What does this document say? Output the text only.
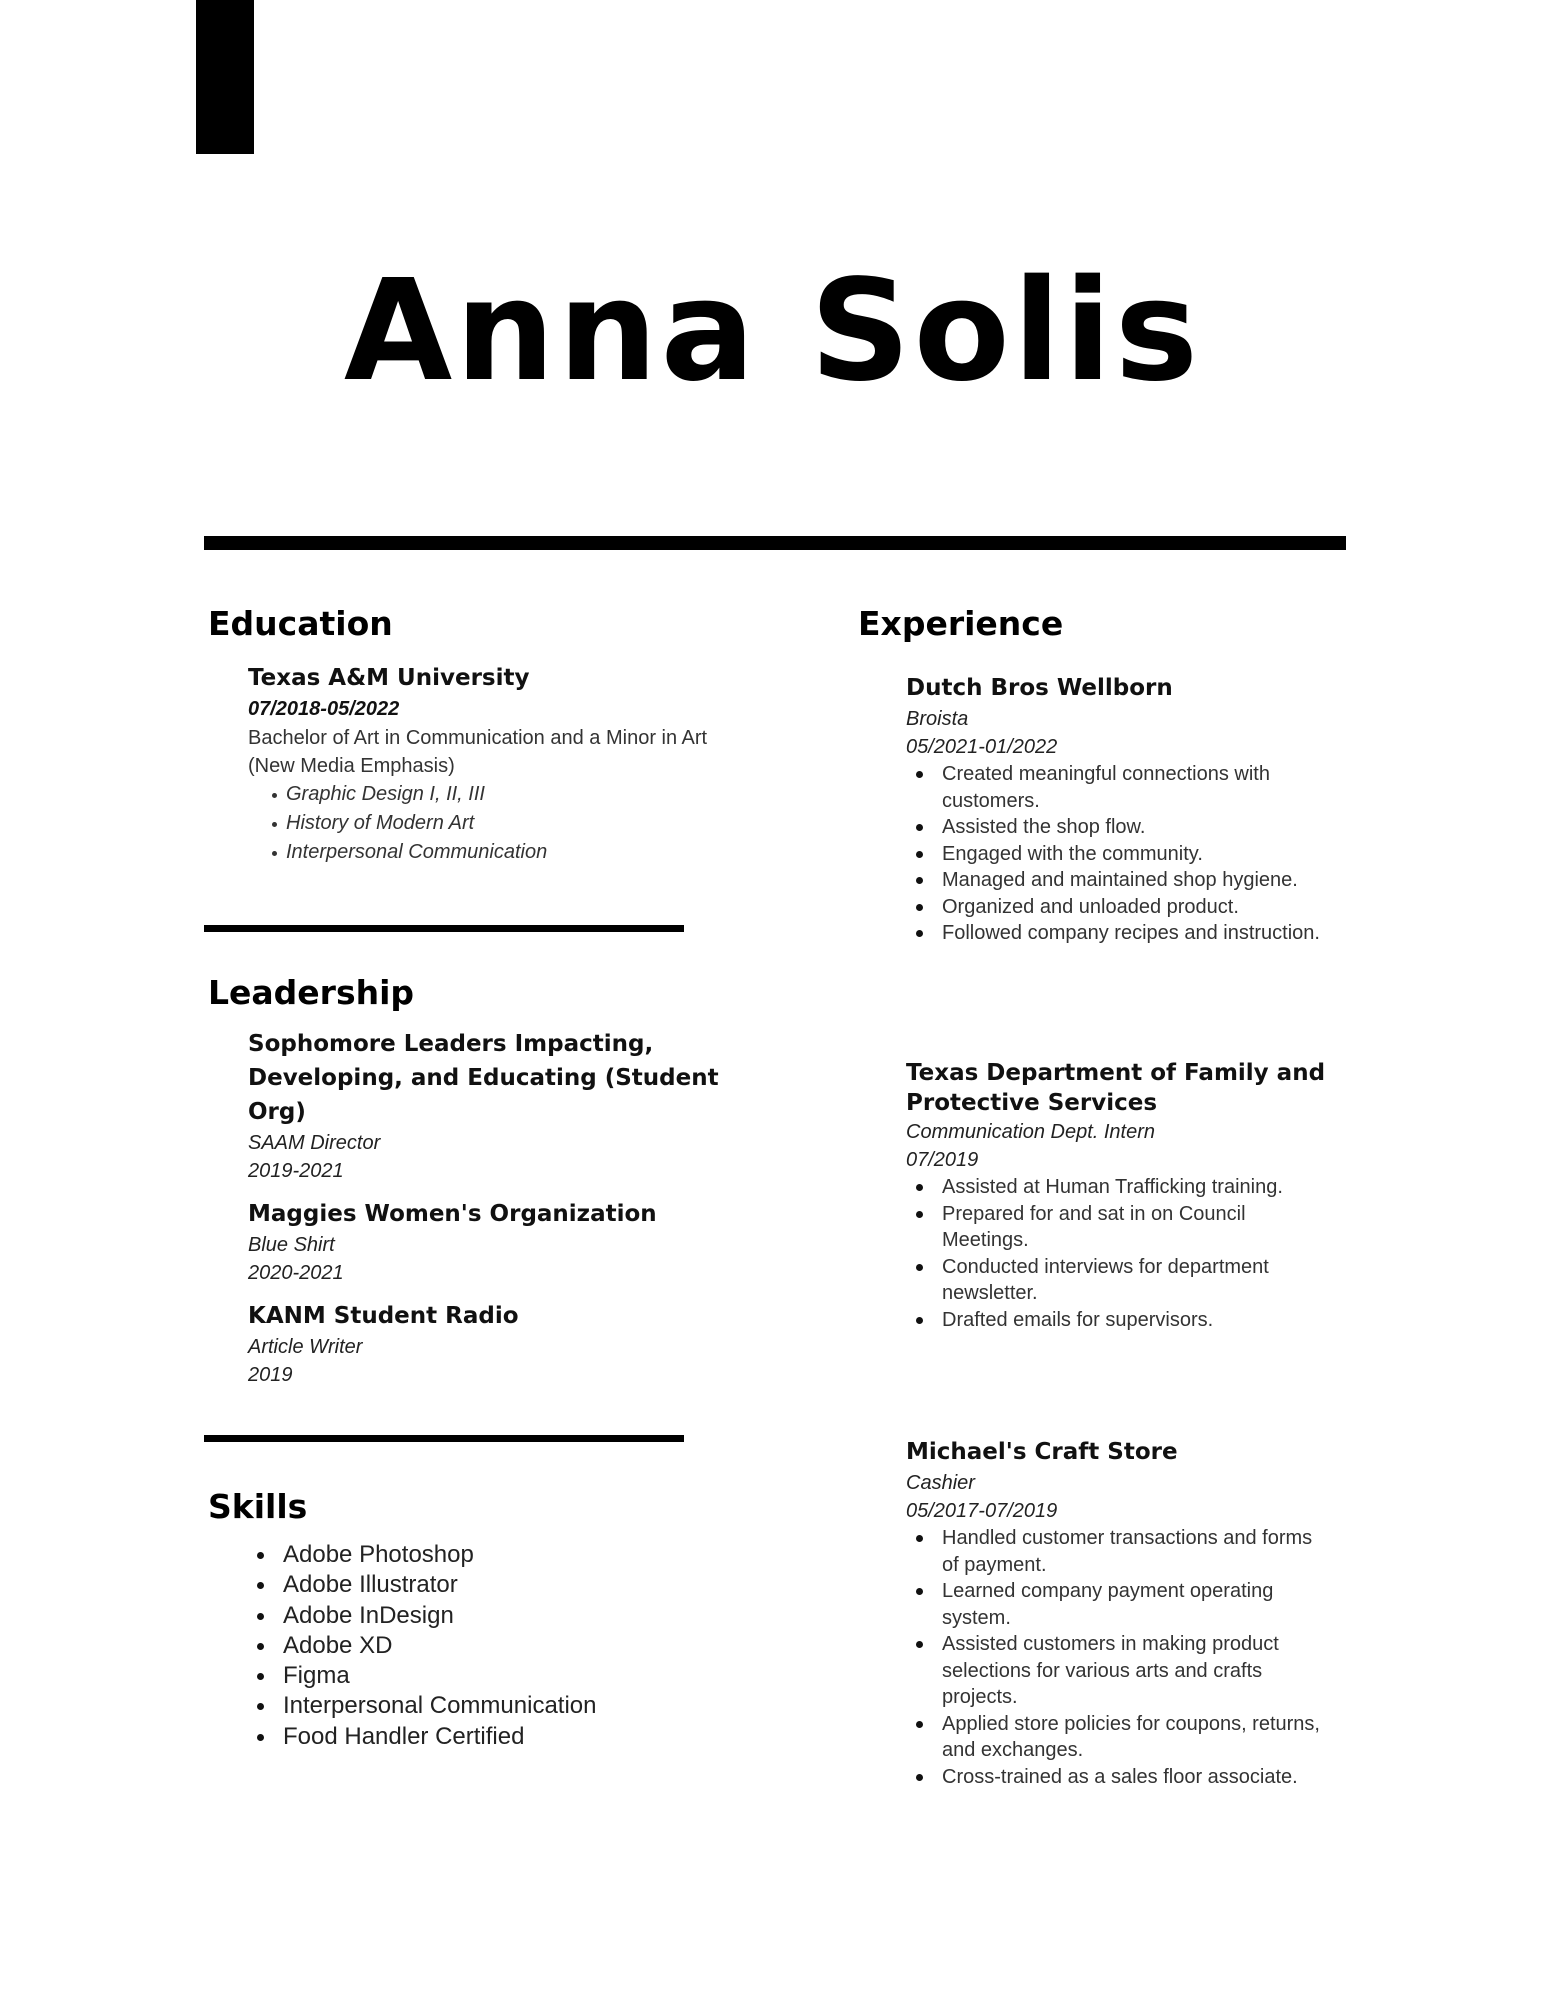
Anna Solis
Education
Texas A&M University
07/2018-05/2022
Bachelor of Art in Communication and a Minor in Art (New Media Emphasis)
Graphic Design I, II, III
History of Modern Art
Interpersonal Communication
Leadership
Sophomore Leaders Impacting, Developing, and Educating (Student Org)
SAAM Director
2019-2021
Maggies Women's Organization
Blue Shirt
2020-2021
KANM Student Radio
Article Writer
2019
Skills
Adobe Photoshop
Adobe Illustrator
Adobe InDesign
Adobe XD
Figma
Interpersonal Communication
Food Handler Certified
Experience
Dutch Bros Wellborn
Broista
05/2021-01/2022
Created meaningful connections with customers.
Assisted the shop flow.
Engaged with the community.
Managed and maintained shop hygiene.
Organized and unloaded product.
Followed company recipes and instruction.
Texas Department of Family and Protective Services
Communication Dept. Intern
07/2019
Assisted at Human Trafficking training.
Prepared for and sat in on Council Meetings.
Conducted interviews for department newsletter.
Drafted emails for supervisors.
Michael's Craft Store
Cashier
05/2017-07/2019
Handled customer transactions and forms of payment.
Learned company payment operating system.
Assisted customers in making product selections for various arts and crafts projects.
Applied store policies for coupons, returns, and exchanges.
Cross-trained as a sales floor associate.
